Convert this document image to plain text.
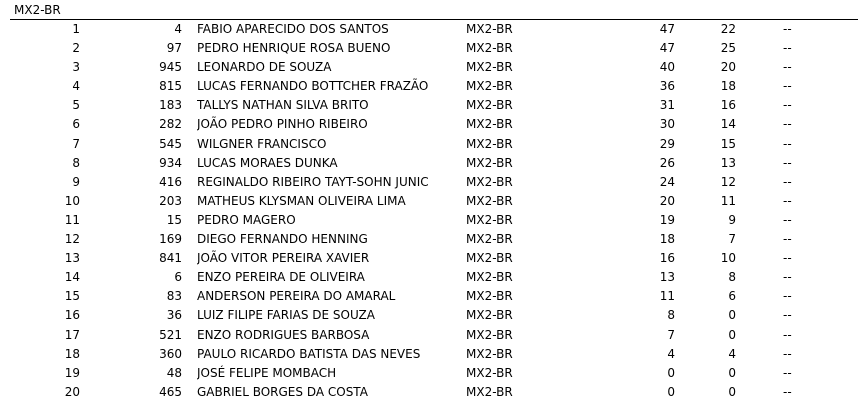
MX2-BR
1	4 FABIO APARECIDO DOS SANTOS	MX2-BR	47	22	--
2	97 PEDRO HENRIQUE ROSA BUENO	MX2-BR	47	25	--
3	945 LEONARDO DE SOUZA	MX2-BR	40	20	--
4	815 LUCAS FERNANDO BOTTCHER FRAZÃO	MX2-BR	36	18	--
5	183 TALLYS NATHAN SILVA BRITO	MX2-BR	31	16	--
6	282 JOÃO PEDRO PINHO RIBEIRO	MX2-BR	30	14	--
7	545 WILGNER FRANCISCO	MX2-BR	29	15	--
8	934 LUCAS MORAES DUNKA	MX2-BR	26	13	--
9	416 REGINALDO RIBEIRO TAYT-SOHN JUNIC	MX2-BR	24	12	--
10	203 MATHEUS KLYSMAN OLIVEIRA LIMA	MX2-BR	20	11	--
11	15 PEDRO MAGERO	MX2-BR	19	9	--
12	169 DIEGO FERNANDO HENNING	MX2-BR	18	7	--
13	841 JOÃO VITOR PEREIRA XAVIER	MX2-BR	16	10	--
14	6 ENZO PEREIRA DE OLIVEIRA	MX2-BR	13	8	--
15	83 ANDERSON PEREIRA DO AMARAL	MX2-BR	11	6	--
16	36 LUIZ FILIPE FARIAS DE SOUZA	MX2-BR	8	0	--
17	521 ENZO RODRIGUES BARBOSA	MX2-BR	7	0	--
18	360 PAULO RICARDO BATISTA DAS NEVES	MX2-BR	4	4	--
19	48 JOSÉ FELIPE MOMBACH	MX2-BR	0	0	--
20	465 GABRIEL BORGES DA COSTA	MX2-BR	0	0	--
